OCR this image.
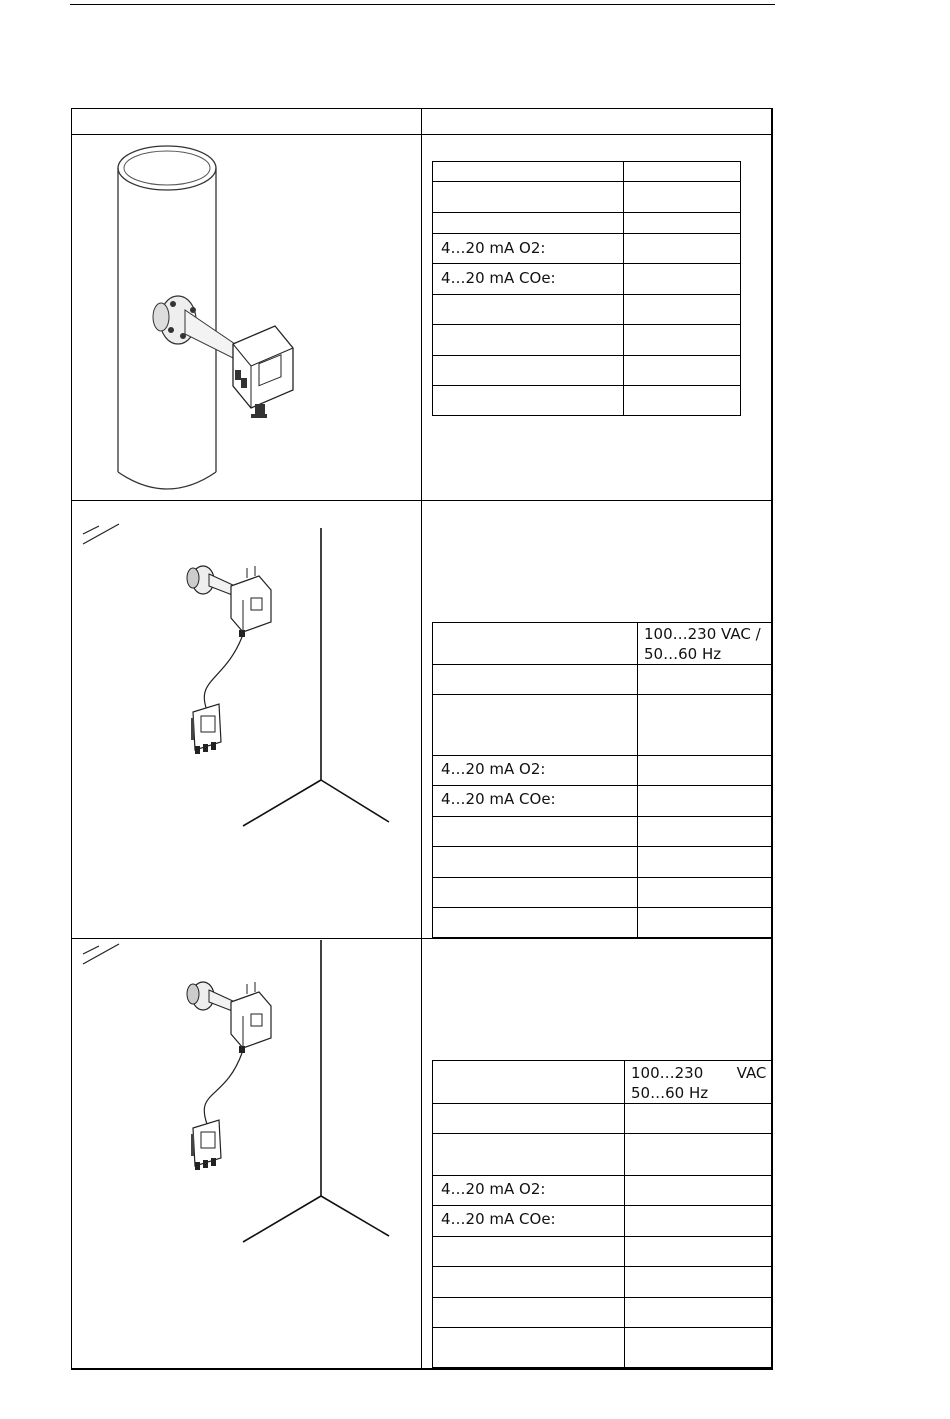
4…20 mA O2:	
4…20 mA COe:	

	100…230 VAC / 50…60 Hz

4…20 mA O2:	
4…20 mA COe:	

	100…230       VAC 50…60 Hz

4…20 mA O2:	
4…20 mA COe:	
